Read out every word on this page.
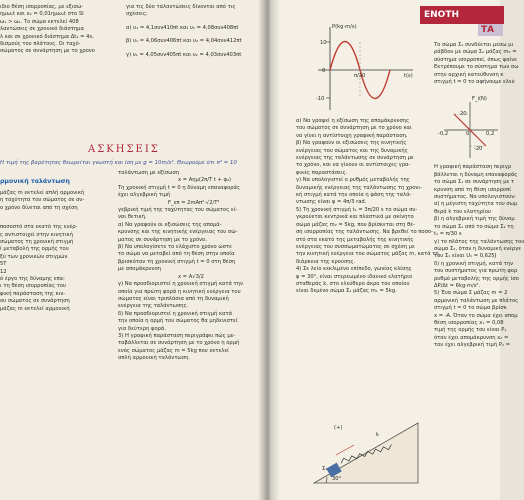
ιδιο θέση ισορροπίας, με εξισώ-
ημω₁t και x₂ = 0,01ημω₂t στο SI
ω₁ > ω₂. Το σώμα εκτελεί 408
λαντώσεις σε χρονικό διάστημα
λ και σε χρονικό διάστημα Δt₂ = 4s,
δισμούς του πλάτους. Οι ταχύ-
σώματος σε συνάρτηση με το χρονο
για τις δύο ταλαντώσεις δίνονται από τις
σχέσεις:
α) υ₁ = 4,1συν410πt και υ₂ = 4,08συν408πt
β) υ₁ = 4,06συν406πt και υ₂ = 4,04συν412πt
γ) υ₁ = 4,05συν405πt και υ₂ = 4,03συν403πt
ΑΣΚΗΣΕΙΣ
Η τιμή της βαρύτητας θεωρείται γνωστή και ίση με g = 10m/s². Θεωρούμε ότι π² = 10
ρμονική ταλάντωση
μάζας m εκτελεί απλή αρμονική
η ταχύτητα του σώματος σε συ-
ο χρόνο δίνεται από τη σχέση
ποσοστό στα εκατό της ενέρ-
ς αντιστοιχεί στην κινητική
σώματος τη χρονική στιγμή
ί μεταβολή της ορμής του
ξύ των χρονικών στιγμών
5T
12
ό έργο της δύναμης επα-
ι τη θέση ισορροπίας του
φική παράσταση της κιν-
ου σώματος σε συνάρτηση
μάζας m εκτελεί αρμονική
ταλάντωση με εξίσωση
x = Aημ(2π/T t + φ₀)
Τη χρονική στιγμή t = 0 η δύναμη επαναφοράς
έχει αλγεβρική τιμή
F_επ = 2mAπ²·√2/T²
γεβρική τιμή της ταχύτητας του σώματος εί-
ναι θετική.
α) Να γραφούν οι εξισώσεις της απομά-
κρυνσης και της κινητικής ενέργειας του σώ-
ματος σε συνάρτηση με το χρόνο.
β) Να υπολογίσετε το ελάχιστο χρόνο ώστε
το σώμα να μεταβεί από τη θέση στην οποία
βρισκόταν τη χρονική στιγμή t = 0 στη θέση
με απομάκρυνση
x = A√3/2
γ) Να προσδιοριστεί η χρονική στιγμή κατά την
οποία για πρώτη φορά η κινητική ενέργεια του
σώματος είναι τριπλάσια από τη δυναμική
ενέργεια της ταλάντωσης.
δ) Να προσδιοριστεί η χρονική στιγμή κατά
την οποία η ορμή του σώματος θα μηδενιστεί
για δεύτερη φορά.
3) Η γραφική παράσταση περιγράφει πώς με-
ταβάλλεται σε συνάρτηση με το χρόνο η ορμή
ενός σώματος μάζας m = 5kg που εκτελεί
απλή αρμονική ταλάντωση.
P(kg·m/s)
10
0
-10
π/20	t(s)
α) Να γραφεί η εξίσωση της απομάκρυνσης
του σώματος σε συνάρτηση με το χρόνο και
να γίνει η αντίστοιχη γραφική παράσταση.
β) Να γραφούν οι εξισώσεις της κινητικής
ενέργειας του σώματος και της δυναμικής
ενέργειας της ταλάντωσης σε συνάρτηση με
το χρόνο, και να γίνουν οι αντίστοιχες γρα-
φικές παραστάσεις.
γ) Να υπολογιστεί ο ρυθμός μεταβολής της
δυναμικής ενέργειας της ταλάντωσης τη χρονι-
κή στιγμή κατά την οποία η φάση της ταλά-
ντωσης είναι φ = 4π/3 rad.
5) Τη χρονική στιγμή t₁ = 3π/20 s το σώμα συ-
γκρούεται κεντρικά και πλαστικά με ακίνητο
σώμα μάζας m₂ = 5kg, που βρίσκεται στη θέ-
ση ισορροπίας της ταλάντωσης. Να βρεθεί το ποσο-
στό στα εκατό της μεταβολής της κινητικής
ενέργειας του συσσωματώματος σε σχέση με
την κινητική ενέργεια του σώματος μάζας m, κατά τη
διάρκεια της κρούσης.
4) Σε λείο κεκλιμένο επίπεδο, γωνίας κλίσης
φ = 30°, είναι στερεωμένο ιδανικό ελατήριο
σταθεράς k, στο ελεύθερο άκρο του οποίου
είναι δεμένο σώμα Σ₁ μάζας m₁ = 5kg.
(+)
k
Σ₁
30°
Το σώμα Σ₁ συνδέεται μέσω μι
ράβδου με σώμα Σ₂ μάζας m₂ =
σύστημα ισορροπεί, όπως φαίνε
Εκτρέπουμε το σύστημα των σω
στην αρχική κατεύθυνση κ
στιγμή t = 0 το αφήνουμε ελεύ
Η γραφική παράσταση περιγρ
βάλλεται η δύναμη επαναφοράς
το σώμα Σ₁ σε συνάρτηση με τ
κρυνση από τη θέση ισορροπί
συστήματος. Να υπολογιστούν:
α) η μέγιστη ταχύτητα του σωμ
θερά k του ελατηρίου
β) η αλγεβρική τιμή της δύναμ
το σώμα Σ₂ από το σώμα Σ₁ τη
t₁ = π/30 s
γ) το πλάτος της ταλάντωσης του
σώμα Σ₂, όταν η δυναμική ενέργε
του Σ₁ είναι U₁ = 0,625J
δ) η χρονική στιγμή, κατά την
του συστήματος για πρώτη φορ
ρυθμό μεταβολής της ορμής ίσο
ΔP/Δt = 6kg·m/s².
5) Ένα σώμα Σ μάζας m = 2
αρμονική ταλάντωση με πλάτος
στιγμή t = 0 το σώμα βρίσκ
x = -A. Όταν το σώμα έχει απομ
θέση ισορροπίας x₁ = 0,08
τιμή της ορμής του είναι P₁
όταν έχει απομάκρυνση x₂ =
του έχει αλγεβρική τιμή P₂ =
F_i(N)
20
-0,2	0	0,2
-20
ΕΝΟΤΗ
ΤΑ
